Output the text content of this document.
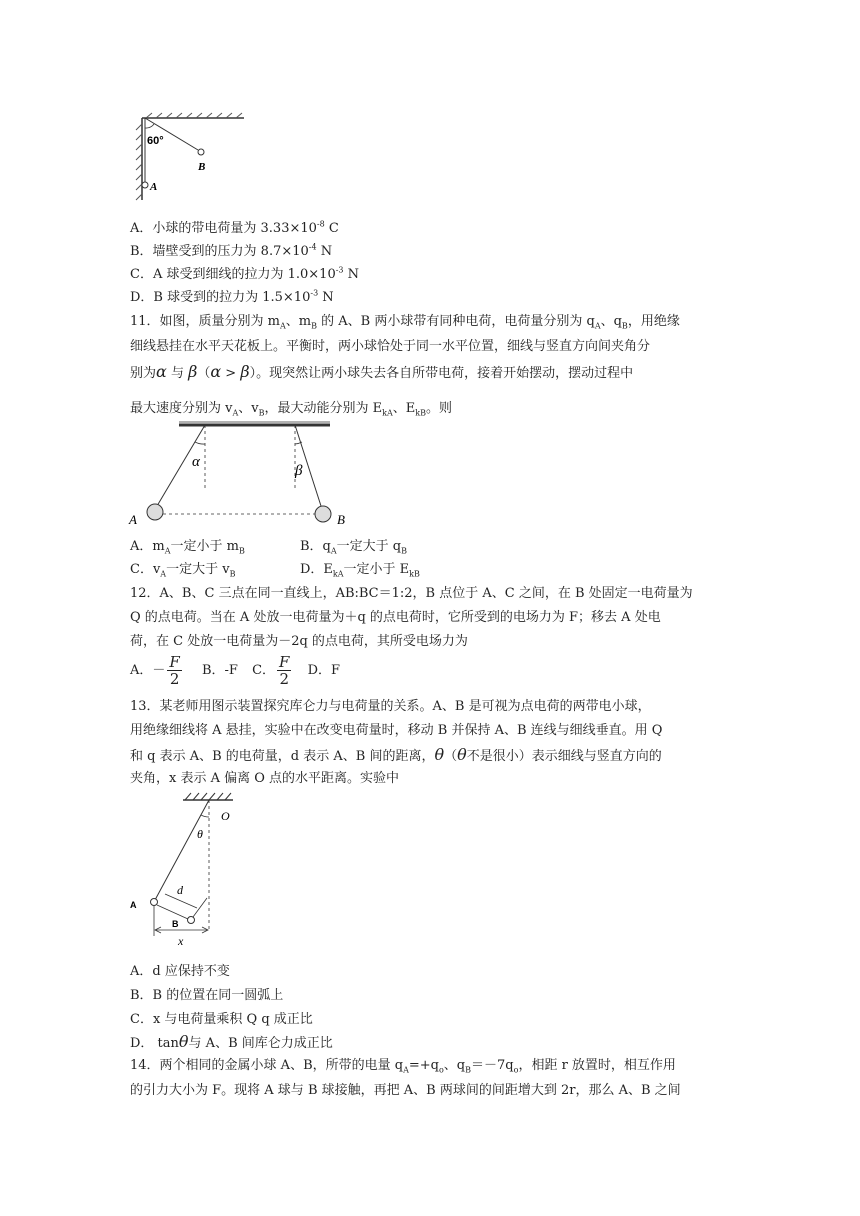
60°
A
B
A．小球的带电荷量为 $3.33\times 10^{-8}$ C
B．墙壁受到的压力为 $8.7\times 10^{-4}$ N
C．A 球受到细线的拉力为 $1.0\times 10^{-3}$ N
D．B 球受到的拉力为 $1.5\times 10^{-3}$ N
11．如图，质量分别为 $m_A$、$m_B$ 的 A、B 两小球带有同种电荷，电荷量分别为 $q_A$、$q_B$，用绝缘
细线悬挂在水平天花板上。平衡时，两小球恰处于同一水平位置，细线与竖直方向间夹角分
别为α 与 β（α > β）。现突然让两小球失去各自所带电荷，接着开始摆动，摆动过程中
最大速度分别为 $v_A$、$v_B$，最大动能分别为 $E_{kA}$、$E_{kB}$。则
α
β
A	B
A．$m_A$一定小于 $m_B$	B．$q_A$一定大于 $q_B$
C．$v_A$一定大于 $v_B$	D．$E_{kA}$一定小于 $E_{kB}$
12．A、B、C 三点在同一直线上，AB:BC＝1:2，B 点位于 A、C 之间，在 B 处固定一电荷量为
Q 的点电荷。当在 A 处放一电荷量为＋q 的点电荷时，它所受到的电场力为 F；移去 A 处电
荷，在 C 处放一电荷量为－2q 的点电荷，其所受电场力为
A．－ $\frac{F}{2}$ B．-F C． $\frac{F}{2}$ D．F
13．某老师用图示装置探究库仑力与电荷量的关系。A、B 是可视为点电荷的两带电小球，
用绝缘细线将 A 悬挂，实验中在改变电荷量时，移动 B 并保持 A、B 连线与细线垂直。用 Q
和 q 表示 A、B 的电荷量，d 表示 A、B 间的距离，θ（θ不是很小）表示细线与竖直方向的
夹角，x 表示 A 偏离 O 点的水平距离。实验中
O
θ
d
A
B
x
A．d 应保持不变
B．B 的位置在同一圆弧上
C．x 与电荷量乘积 Q q 成正比
D． tanθ与 A、B 间库仑力成正比
14．两个相同的金属小球 A、B，所带的电量 $q_A=+q_o$、$q_B=-7q_o$，相距 r 放置时，相互作用
的引力大小为 F。现将 A 球与 B 球接触，再把 A、B 两球间的间距增大到 2r，那么 A、B 之间
